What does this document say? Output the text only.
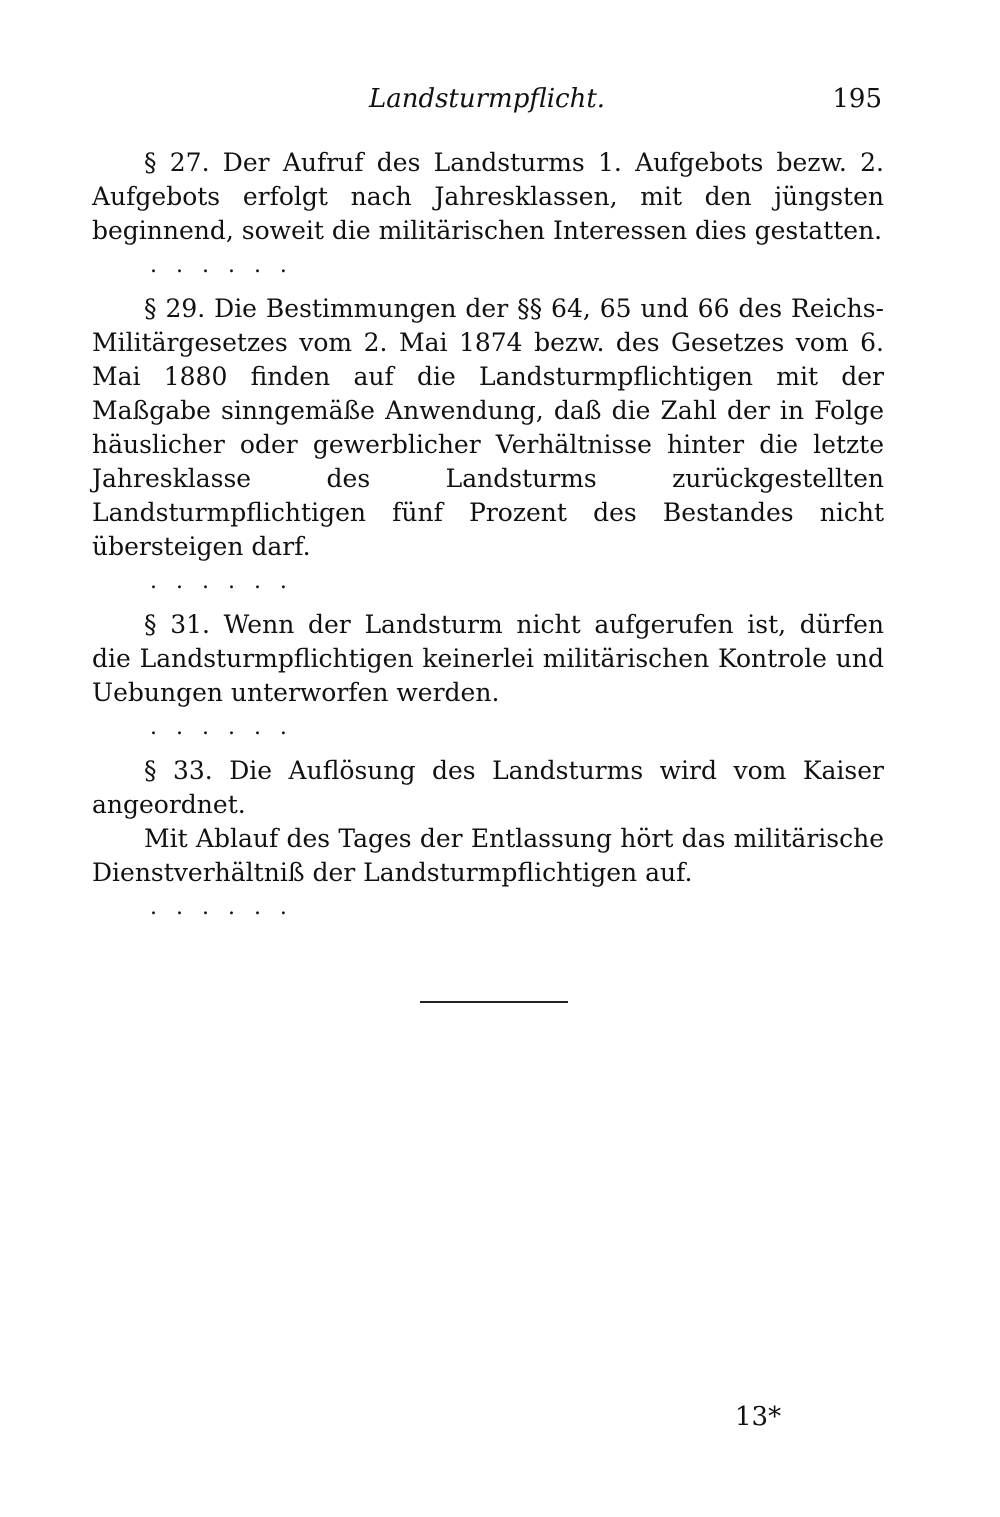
Landsturmpflicht.	195

§ 27. Der Aufruf des Landsturms 1. Aufgebots bezw. 2. Aufgebots erfolgt nach Jahresklassen, mit den jüngsten beginnend, soweit die militärischen Interessen dies gestatten.

. . . . . .

§ 29. Die Bestimmungen der §§ 64, 65 und 66 des Reichs-Militärgesetzes vom 2. Mai 1874 bezw. des Gesetzes vom 6. Mai 1880 finden auf die Landsturmpflichtigen mit der Maßgabe sinngemäße Anwendung, daß die Zahl der in Folge häuslicher oder gewerblicher Verhältnisse hinter die letzte Jahresklasse des Landsturms zurückgestellten Landsturmpflichtigen fünf Prozent des Bestandes nicht übersteigen darf.

. . . . . .

§ 31. Wenn der Landsturm nicht aufgerufen ist, dürfen die Landsturmpflichtigen keinerlei militärischen Kontrole und Uebungen unterworfen werden.

. . . . . .

§ 33. Die Auflösung des Landsturms wird vom Kaiser angeordnet.

Mit Ablauf des Tages der Entlassung hört das militärische Dienstverhältniß der Landsturmpflichtigen auf.

. . . . . .
13*
